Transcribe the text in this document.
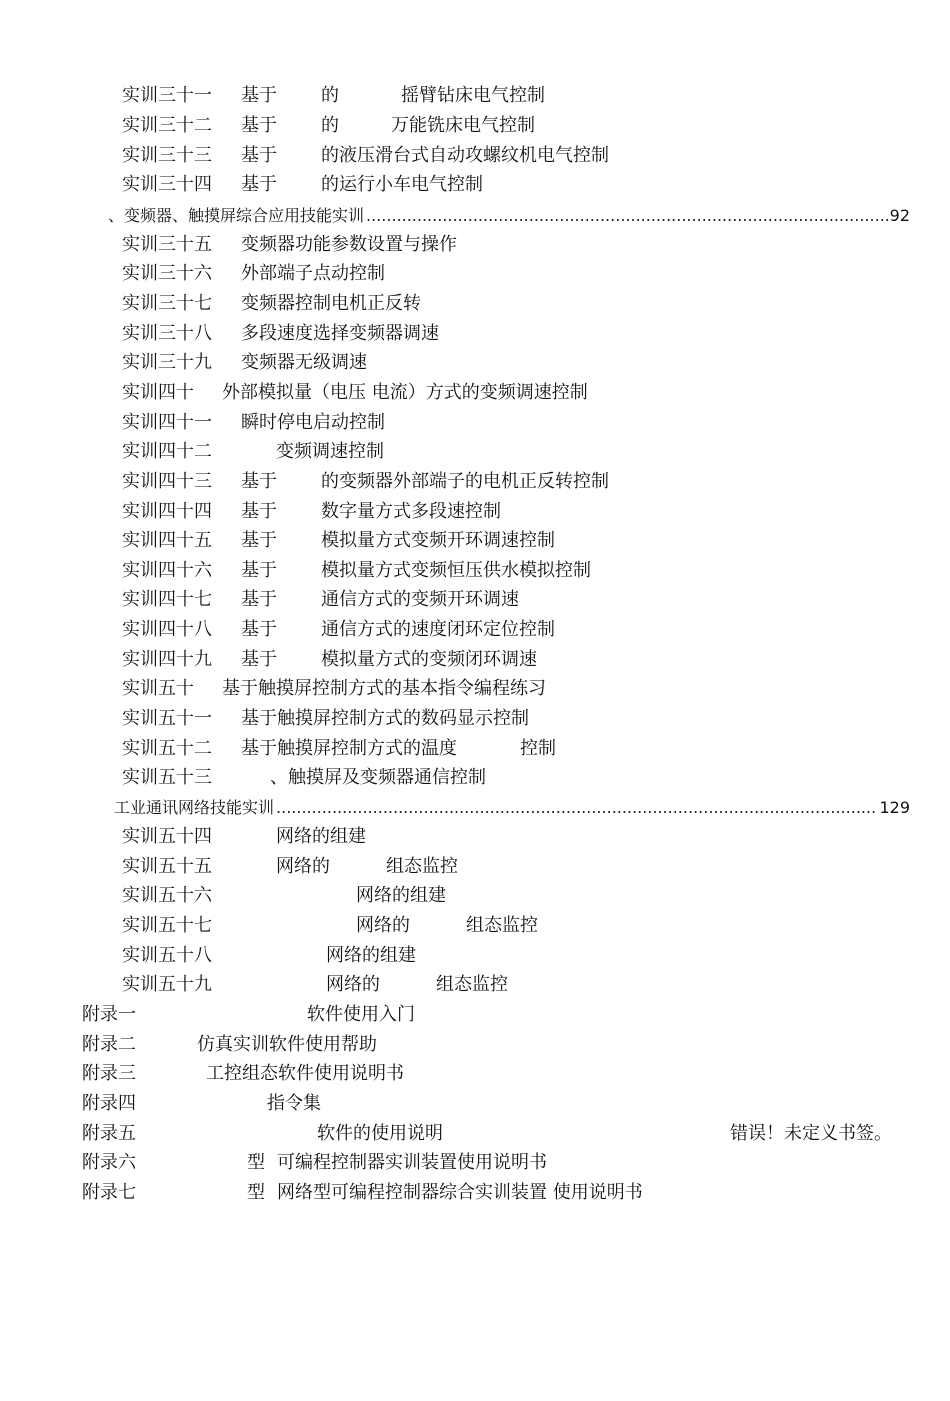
实训三十一 基于 的	摇臂钻床电气控制
实训三十二 基于 的	万能铣床电气控制
实训三十三 基于 的液压滑台式自动攻螺纹机电气控制
实训三十四 基于 的运行小车电气控制
、变频器、触摸屏综合应用技能实训 .....	92
实训三十五 变频器功能参数设置与操作
实训三十六 外部端子点动控制
实训三十七 变频器控制电机正反转
实训三十八 多段速度选择变频器调速
实训三十九 变频器无级调速
实训四十 外部模拟量（电压 电流）方式的变频调速控制
实训四十一 瞬时停电启动控制
实训四十二	变频调速控制
实训四十三 基于 的变频器外部端子的电机正反转控制
实训四十四 基于 数字量方式多段速控制
实训四十五 基于 模拟量方式变频开环调速控制
实训四十六 基于 模拟量方式变频恒压供水模拟控制
实训四十七 基于 通信方式的变频开环调速
实训四十八 基于 通信方式的速度闭环定位控制
实训四十九 基于 模拟量方式的变频闭环调速
实训五十 基于触摸屏控制方式的基本指令编程练习
实训五十一 基于触摸屏控制方式的数码显示控制
实训五十二 基于触摸屏控制方式的温度	控制
实训五十三	、触摸屏及变频器通信控制
工业通讯网络技能实训 .....	129
实训五十四	网络的组建
实训五十五	网络的	组态监控
实训五十六	网络的组建
实训五十七	网络的	组态监控
实训五十八	网络的组建
实训五十九	网络的	组态监控
附录一	软件使用入门
附录二	仿真实训软件使用帮助
附录三	工控组态软件使用说明书
附录四	指令集
附录五	软件的使用说明	错误！未定义书签。
附录六	型 可编程控制器实训装置使用说明书
附录七	型 网络型可编程控制器综合实训装置 使用说明书
